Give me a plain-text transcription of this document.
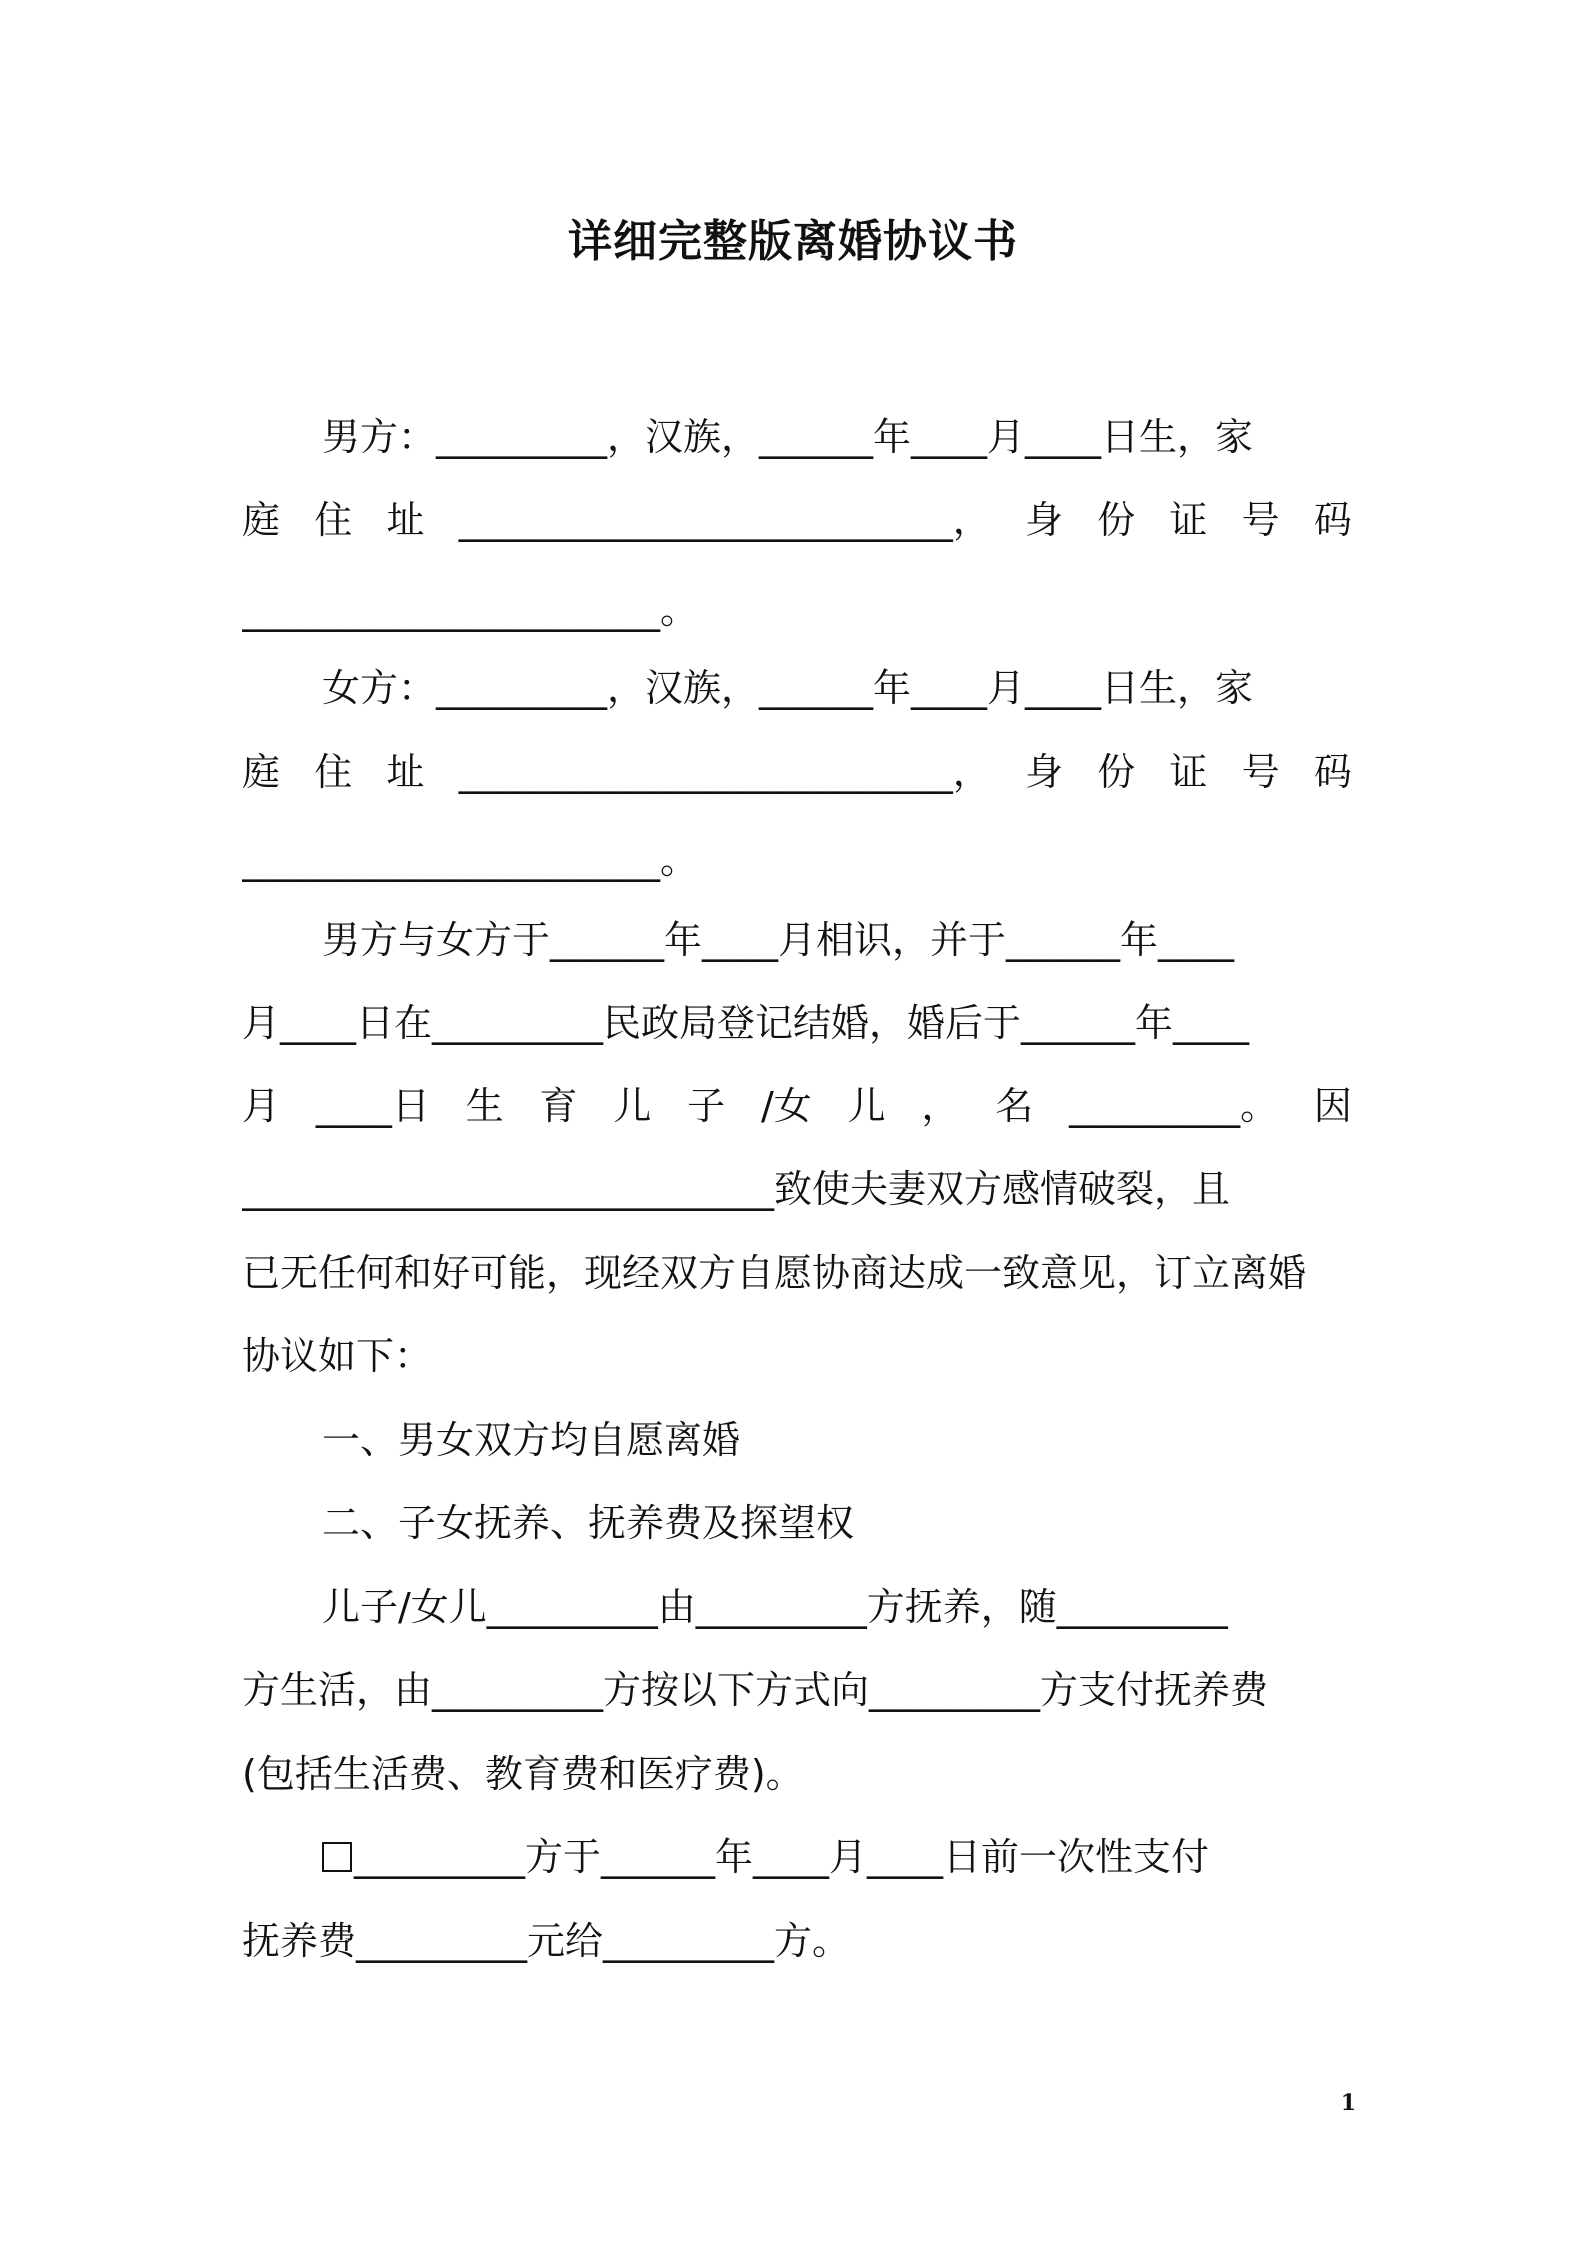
详细完整版离婚协议书
男方：_________，汉族，______年____月____日生，家
庭 住 址 __________________________， 身 份 证 号 码
______________________。
女方：_________，汉族，______年____月____日生，家
庭 住 址 __________________________， 身 份 证 号 码
______________________。
男方与女方于______年____月相识，并于______年____
月____日在_________民政局登记结婚，婚后于______年____
月 ____日 生 育 儿 子 /女 儿 ， 名 _________。 因
____________________________致使夫妻双方感情破裂，且
已无任何和好可能，现经双方自愿协商达成一致意见，订立离婚
协议如下：
一、男女双方均自愿离婚
二、子女抚养、抚养费及探望权
儿子/女儿_________由_________方抚养，随_________
方生活，由_________方按以下方式向_________方支付抚养费
(包括生活费、教育费和医疗费)。
_________方于______年____月____日前一次性支付
抚养费_________元给_________方。
1
